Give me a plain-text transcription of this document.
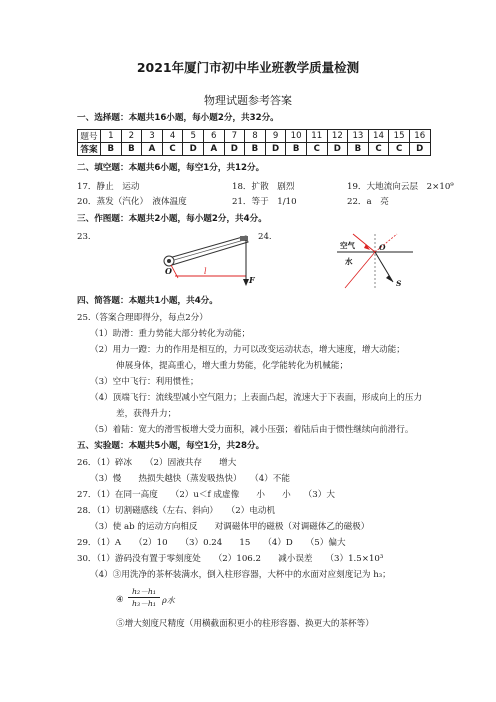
2021年厦门市初中毕业班教学质量检测
物理试题参考答案
一、选择题：本题共16小题，每小题2分，共32分。
题号	1	2	3	4	5	6	7	8	9	10	11	12	13	14	15	16
答案	B	B	A	C	D	A	D	B	D	B	C	D	B	C	C	D
二、填空题：本题共6小题，每空1分，共12分。
17．静止　运动	18．扩散　剧烈	19．大地流向云层　2×10⁹
20．蒸发（汽化）　液体温度	21．等于　1/10	22．a　亮
三、作图题：本题共2小题，每小题2分，共4分。
23.	24.
O	l
F
空气
水
O
S
四、简答题：本题共1小题，共4分。
25.（答案合理即得分，每点2分）
（1）助滑：重力势能大部分转化为动能；
（2）用力一蹬：力的作用是相互的，力可以改变运动状态，增大速度，增大动能；
伸展身体，提高重心，增大重力势能，化学能转化为机械能；
（3）空中飞行：利用惯性；
（4）顶端飞行：流线型减小空气阻力；上表面凸起，流速大于下表面，形成向上的压力
差，获得升力；
（5）着陆：宽大的滑雪板增大受力面积，减小压强；着陆后由于惯性继续向前滑行。
五、实验题：本题共5小题，每空1分，共28分。
26．（1）碎冰　　（2）固液共存　　增大
（3）慢　　热损失越快（蒸发吸热快）　　（4）不能
27．（1）在同一高度　　（2）u＜f 成虚像　　小　　小　　（3）大
28．（1）切割磁感线（左右、斜向）　　（2）电动机
（3）使 ab 的运动方向相反　　对调磁体甲的磁极（对调磁体乙的磁极）
29．（1）A　　（2）10　　（3）0.24　　15　　（4）D　　（5）偏大
30．（1）游码没有置于零刻度处　　（2）106.2　　减小误差　　（3）1.5×10³
（4）③用洗净的茶杯装满水，倒入柱形容器，大杯中的水面对应刻度记为 h₃；
④ $\frac{\text{h₂－h₁}}{\text{h₃－h₁}}$ ρ水
⑤增大刻度尺精度（用横截面积更小的柱形容器、换更大的茶杯等）
